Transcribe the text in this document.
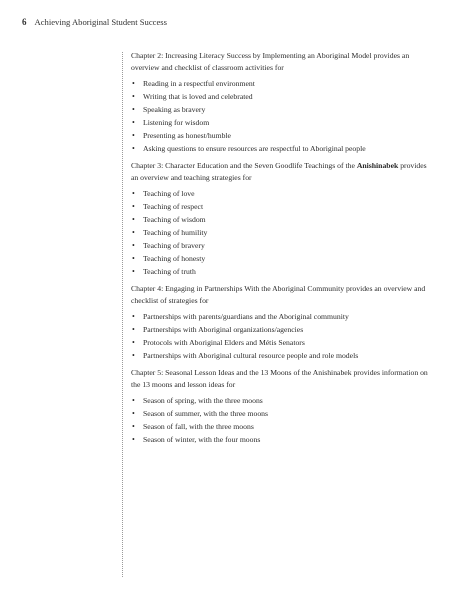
6 Achieving Aboriginal Student Success

Chapter 2: Increasing Literacy Success by Implementing an Aboriginal Model provides an overview and checklist of classroom activities for

• Reading in a respectful environment
• Writing that is loved and celebrated
• Speaking as bravery
• Listening for wisdom
• Presenting as honest/humble
• Asking questions to ensure resources are respectful to Aboriginal people

Chapter 3: Character Education and the Seven Goodlife Teachings of the Anishinabek provides an overview and teaching strategies for

• Teaching of love
• Teaching of respect
• Teaching of wisdom
• Teaching of humility
• Teaching of bravery
• Teaching of honesty
• Teaching of truth

Chapter 4: Engaging in Partnerships With the Aboriginal Community provides an overview and checklist of strategies for

• Partnerships with parents/guardians and the Aboriginal community
• Partnerships with Aboriginal organizations/agencies
• Protocols with Aboriginal Elders and Métis Senators
• Partnerships with Aboriginal cultural resource people and role models

Chapter 5: Seasonal Lesson Ideas and the 13 Moons of the Anishinabek provides information on the 13 moons and lesson ideas for

• Season of spring, with the three moons
• Season of summer, with the three moons
• Season of fall, with the three moons
• Season of winter, with the four moons
